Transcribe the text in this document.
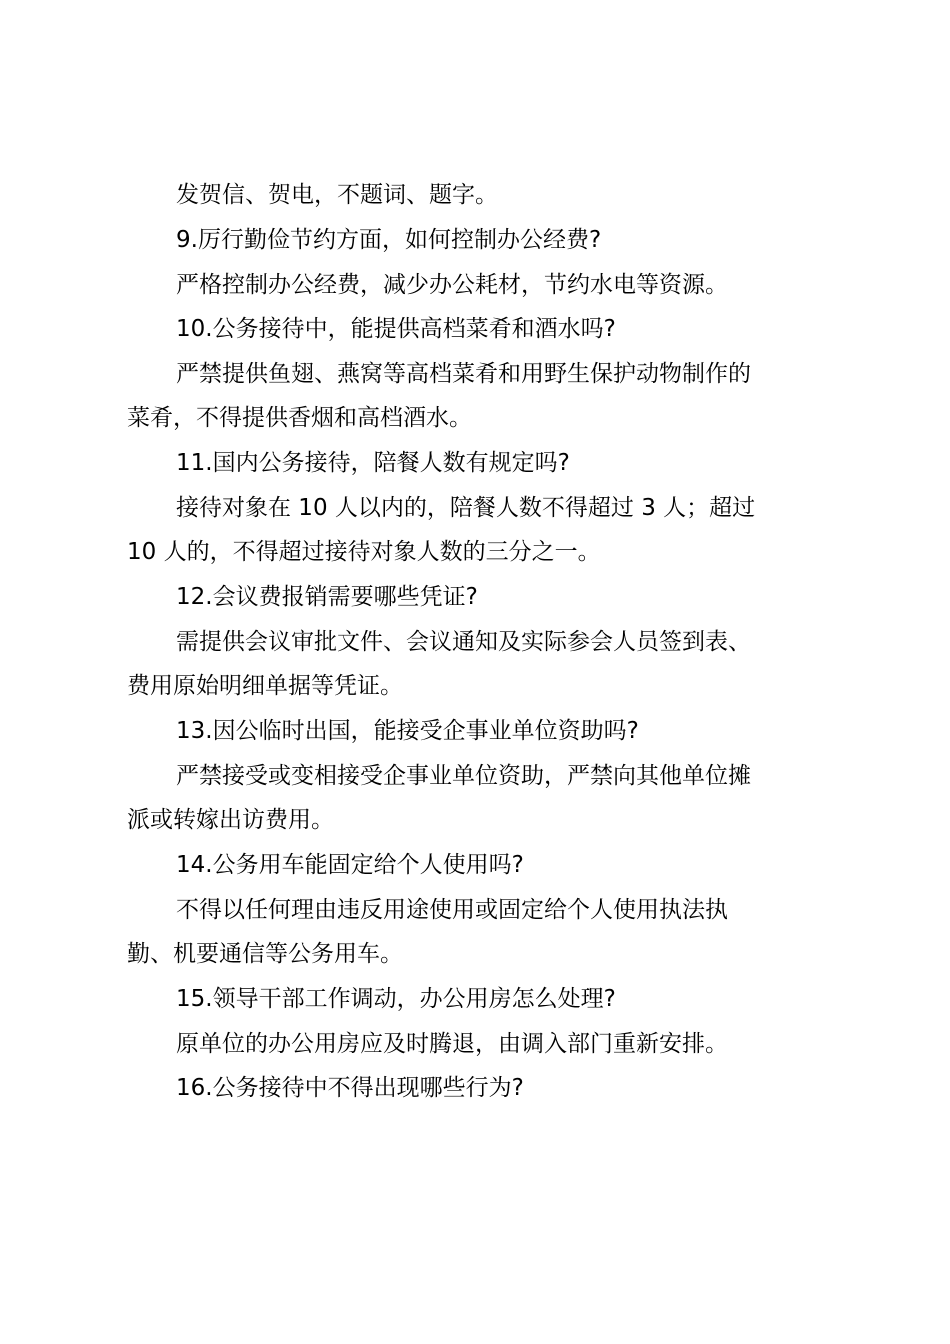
发贺信、贺电，不题词、题字。
9.厉行勤俭节约方面，如何控制办公经费?
严格控制办公经费，减少办公耗材，节约水电等资源。
10.公务接待中，能提供高档菜肴和酒水吗?
严禁提供鱼翅、燕窝等高档菜肴和用野生保护动物制作的
菜肴，不得提供香烟和高档酒水。
11.国内公务接待，陪餐人数有规定吗?
接待对象在 10 人以内的，陪餐人数不得超过 3 人；超过
10 人的，不得超过接待对象人数的三分之一。
12.会议费报销需要哪些凭证?
需提供会议审批文件、会议通知及实际参会人员签到表、
费用原始明细单据等凭证。
13.因公临时出国，能接受企事业单位资助吗?
严禁接受或变相接受企事业单位资助，严禁向其他单位摊
派或转嫁出访费用。
14.公务用车能固定给个人使用吗?
不得以任何理由违反用途使用或固定给个人使用执法执
勤、机要通信等公务用车。
15.领导干部工作调动，办公用房怎么处理?
原单位的办公用房应及时腾退，由调入部门重新安排。
16.公务接待中不得出现哪些行为?
